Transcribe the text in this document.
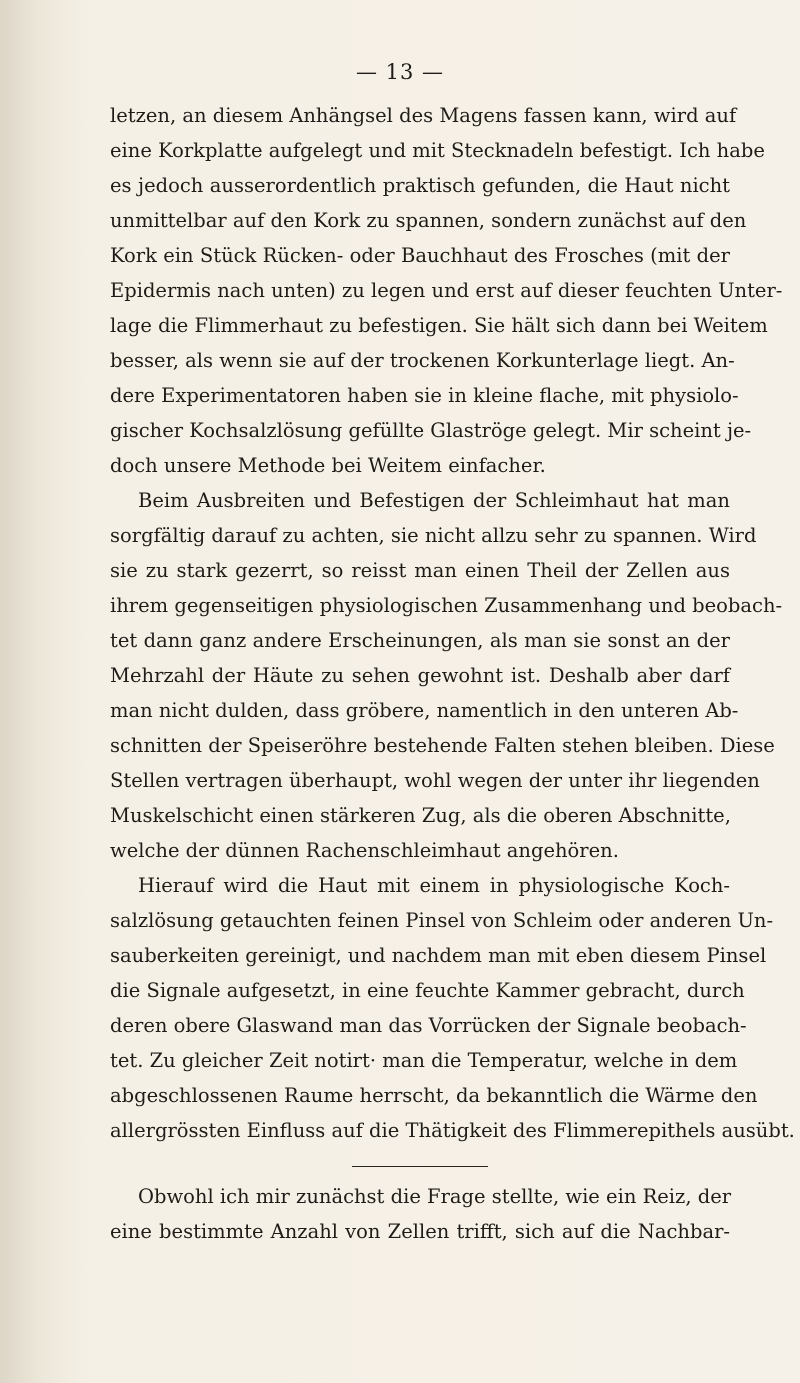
— 13 —
letzen, an diesem Anhängsel des Magens fassen kann, wird auf
eine Korkplatte aufgelegt und mit Stecknadeln befestigt. Ich habe
es jedoch ausserordentlich praktisch gefunden, die Haut nicht
unmittelbar auf den Kork zu spannen, sondern zunächst auf den
Kork ein Stück Rücken- oder Bauchhaut des Frosches (mit der
Epidermis nach unten) zu legen und erst auf dieser feuchten Unter-
lage die Flimmerhaut zu befestigen. Sie hält sich dann bei Weitem
besser, als wenn sie auf der trockenen Korkunterlage liegt. An-
dere Experimentatoren haben sie in kleine flache, mit physiolo-
gischer Kochsalzlösung gefüllte Glaströge gelegt. Mir scheint je-
doch unsere Methode bei Weitem einfacher.
Beim Ausbreiten und Befestigen der Schleimhaut hat man
sorgfältig darauf zu achten, sie nicht allzu sehr zu spannen. Wird
sie zu stark gezerrt, so reisst man einen Theil der Zellen aus
ihrem gegenseitigen physiologischen Zusammenhang und beobach-
tet dann ganz andere Erscheinungen, als man sie sonst an der
Mehrzahl der Häute zu sehen gewohnt ist. Deshalb aber darf
man nicht dulden, dass gröbere, namentlich in den unteren Ab-
schnitten der Speiseröhre bestehende Falten stehen bleiben. Diese
Stellen vertragen überhaupt, wohl wegen der unter ihr liegenden
Muskelschicht einen stärkeren Zug, als die oberen Abschnitte,
welche der dünnen Rachenschleimhaut angehören.
Hierauf wird die Haut mit einem in physiologische Koch-
salzlösung getauchten feinen Pinsel von Schleim oder anderen Un-
sauberkeiten gereinigt, und nachdem man mit eben diesem Pinsel
die Signale aufgesetzt, in eine feuchte Kammer gebracht, durch
deren obere Glaswand man das Vorrücken der Signale beobach-
tet. Zu gleicher Zeit notirt· man die Temperatur, welche in dem
abgeschlossenen Raume herrscht, da bekanntlich die Wärme den
allergrössten Einfluss auf die Thätigkeit des Flimmerepithels ausübt.
Obwohl ich mir zunächst die Frage stellte, wie ein Reiz, der
eine bestimmte Anzahl von Zellen trifft, sich auf die Nachbar-
